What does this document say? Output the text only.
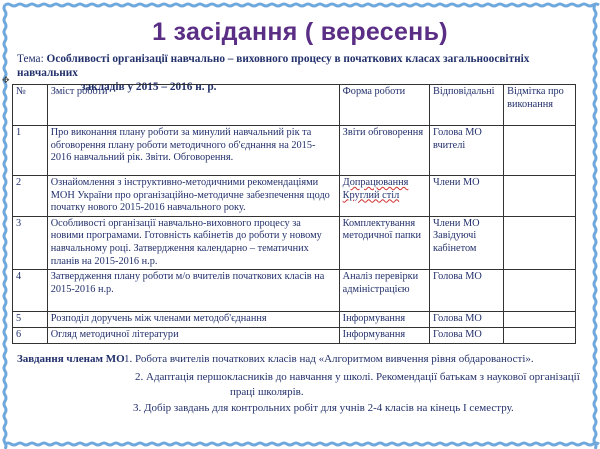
1 засідання ( вересень)
Тема: Особливості організації навчально – виховного процесу в початкових класах загальноосвітніх навчальних
закладів у 2015 – 2016 н. р.
✥
№	Зміст роботи	Форма роботи	Відповідальні	Відмітка про виконання
1	Про виконання плану роботи за минулий навчальний рік та обговорення плану роботи методичного об'єднання на 2015-2016 навчальний рік. Звіти. Обговорення.	Звіти обговорення	Голова МО вчителі	
2	Ознайомлення з інструктивно-методичними рекомендаціями МОН України про організаційно-методичне забезпечення щодо початку нового 2015-2016 навчального року.	Допрацювання Круглий стіл	Члени МО	
3	Особливості організації навчально-виховного процесу за новими програмами. Готовність кабінетів до роботи у новому навчальному році. Затвердження календарно – тематичних планів на 2015-2016 н.р.	Комплектування методичної папки	Члени МО Завідуючі кабінетом	
4	Затвердження плану роботи м/о вчителів початкових класів на 2015-2016 н.р.	Аналіз перевірки адміністрацією	Голова МО	
5	Розподіл доручень між членами методоб'єднання	Інформування	Голова МО	
6	Огляд методичної літератури	Інформування	Голова МО	
Завдання членам МО 1. Робота вчителів початкових класів над «Алгоритмом вивчення рівня обдарованості».
2. Адаптація першокласників до навчання у школі. Рекомендації батькам з наукової організації
праці школярів.
3. Добір завдань для контрольних робіт для учнів 2-4 класів на кінець І семестру.
